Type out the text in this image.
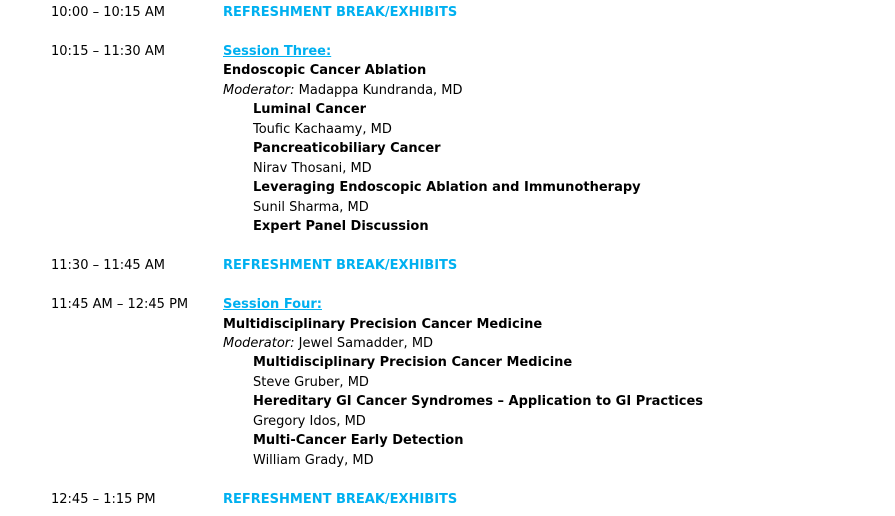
10:00 – 10:15 AM	REFRESHMENT BREAK/EXHIBITS
10:15 – 11:30 AM	Session Three:
Endoscopic Cancer Ablation
Moderator: Madappa Kundranda, MD
Luminal Cancer
Toufic Kachaamy, MD
Pancreaticobiliary Cancer
Nirav Thosani, MD
Leveraging Endoscopic Ablation and Immunotherapy
Sunil Sharma, MD
Expert Panel Discussion
11:30 – 11:45 AM	REFRESHMENT BREAK/EXHIBITS
11:45 AM – 12:45 PM	Session Four:
Multidisciplinary Precision Cancer Medicine
Moderator: Jewel Samadder, MD
Multidisciplinary Precision Cancer Medicine
Steve Gruber, MD
Hereditary GI Cancer Syndromes – Application to GI Practices
Gregory Idos, MD
Multi-Cancer Early Detection
William Grady, MD
12:45 – 1:15 PM	REFRESHMENT BREAK/EXHIBITS
